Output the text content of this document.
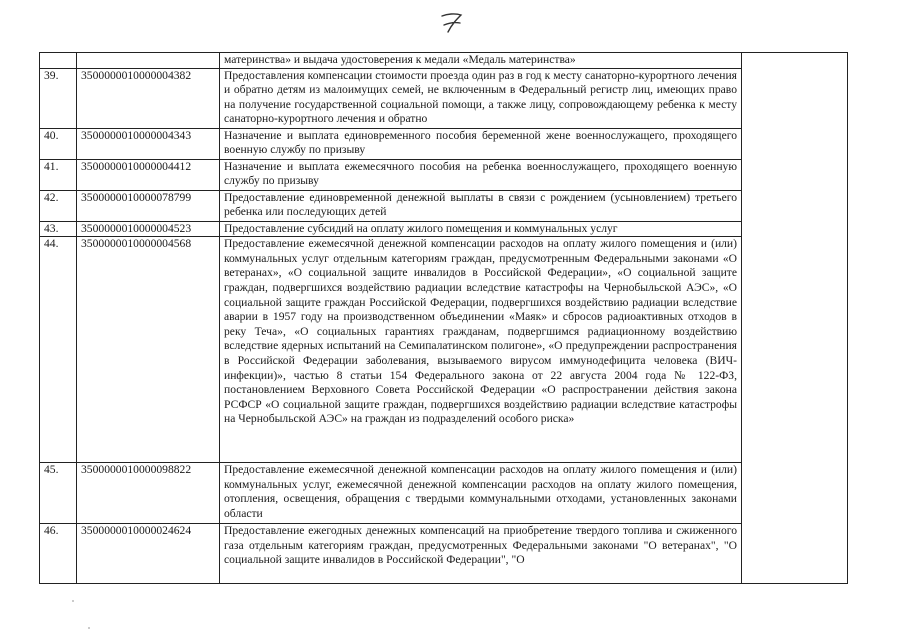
		материнства» и выдача удостоверения к медали «Медаль материнства»	
39.	3500000010000004382	Предоставления компенсации стоимости проезда один раз в год к месту санаторно-курортного лечения и обратно детям из малоимущих семей, не включенным в Федеральный регистр лиц, имеющих право на получение государственной социальной помощи, а также лицу, сопровождающему ребенка к месту санаторно-курортного лечения и обратно	
40.	3500000010000004343	Назначение и выплата единовременного пособия беременной жене военнослужащего, проходящего военную службу по призыву	
41.	3500000010000004412	Назначение и выплата ежемесячного пособия на ребенка военнослужащего, проходящего военную службу по призыву	
42.	3500000010000078799	Предоставление единовременной денежной выплаты в связи с рождением (усыновлением) третьего ребенка или последующих детей	
43.	3500000010000004523	Предоставление субсидий на оплату жилого помещения и коммунальных услуг	
44.	3500000010000004568	Предоставление ежемесячной денежной компенсации расходов на оплату жилого помещения и (или) коммунальных услуг отдельным категориям граждан, предусмотренным Федеральными законами «О ветеранах», «О социальной защите инвалидов в Российской Федерации», «О социальной защите граждан, подвергшихся воздействию радиации вследствие катастрофы на Чернобыльской АЭС», «О социальной защите граждан Российской Федерации, подвергшихся воздействию радиации вследствие аварии в 1957 году на производственном объединении «Маяк» и сбросов радиоактивных отходов в реку Теча», «О социальных гарантиях гражданам, подвергшимся радиационному воздействию вследствие ядерных испытаний на Семипалатинском полигоне», «О предупреждении распространения в Российской Федерации заболевания, вызываемого вирусом иммунодефицита человека (ВИЧ-инфекции)», частью 8 статьи 154 Федерального закона от 22 августа 2004 года № 122-ФЗ, постановлением Верховного Совета Российской Федерации «О распространении действия закона РСФСР «О социальной защите граждан, подвергшихся воздействию радиации вследствие катастрофы на Чернобыльской АЭС» на граждан из подразделений особого риска»	
45.	3500000010000098822	Предоставление ежемесячной денежной компенсации расходов на оплату жилого помещения и (или) коммунальных услуг, ежемесячной денежной компенсации расходов на оплату жилого помещения, отопления, освещения, обращения с твердыми коммунальными отходами, установленных законами области	
46.	3500000010000024624	Предоставление ежегодных денежных компенсаций на приобретение твердого топлива и сжиженного газа отдельным категориям граждан, предусмотренных Федеральными законами "О ветеранах", "О социальной защите инвалидов в Российской Федерации", "О	
